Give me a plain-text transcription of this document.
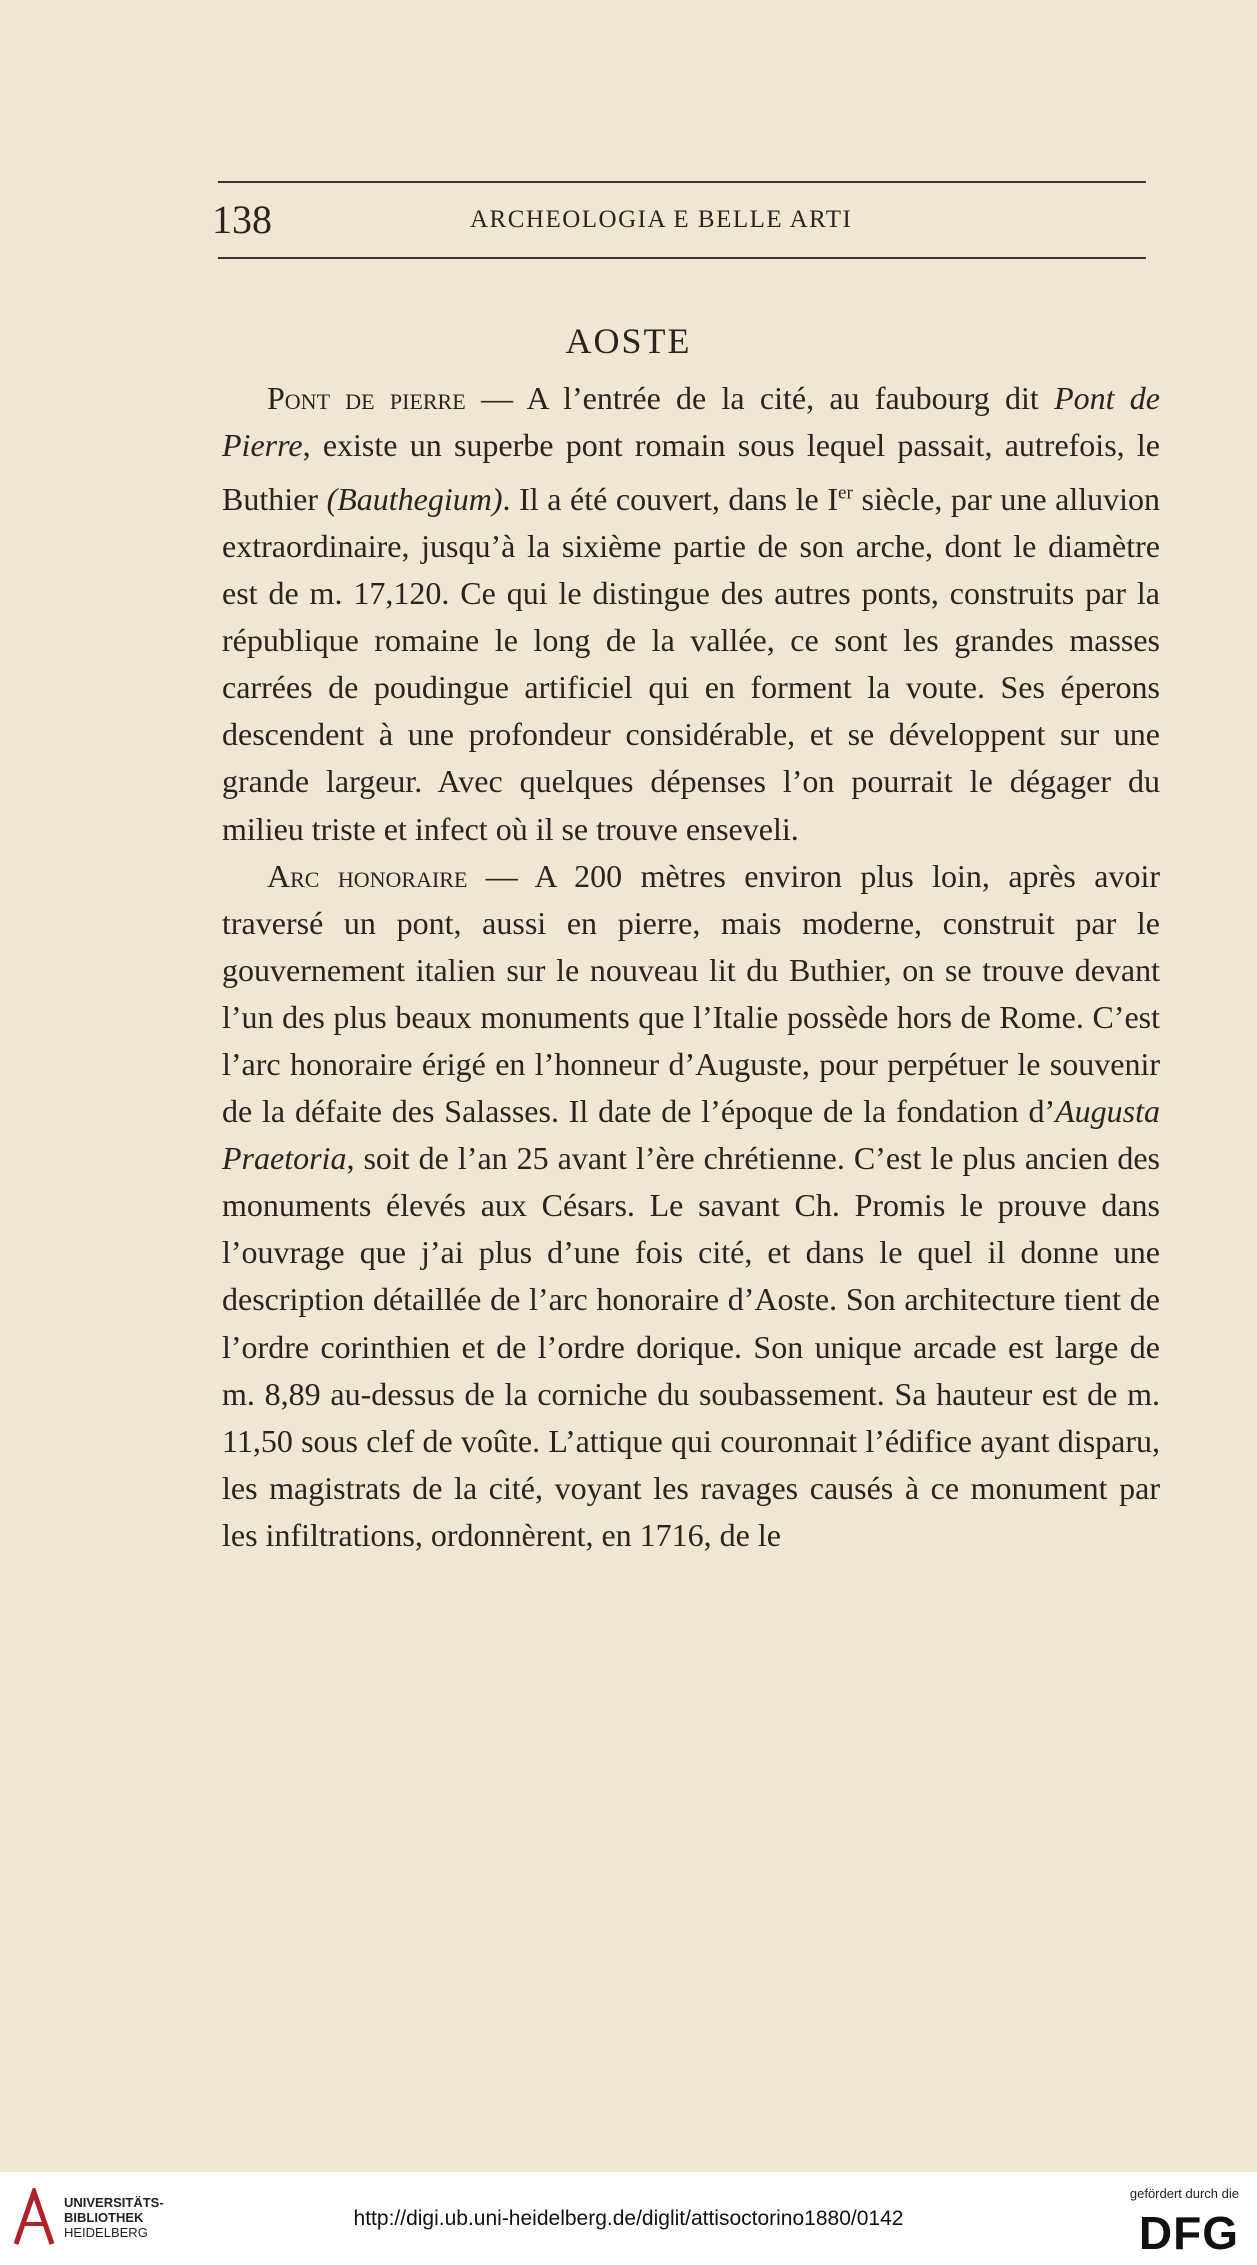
138	ARCHEOLOGIA E BELLE ARTI
AOSTE

Pont de pierre — A l’entrée de la cité, au faubourg dit Pont de Pierre, existe un superbe pont romain sous lequel passait, autrefois, le Buthier (Bauthegium). Il a été couvert, dans le Ier siècle, par une alluvion extraordinaire, jusqu’à la sixième partie de son arche, dont le diamètre est de m. 17,120. Ce qui le distingue des autres ponts, construits par la république romaine le long de la vallée, ce sont les grandes masses carrées de poudingue artificiel qui en forment la voute. Ses éperons descendent à une profondeur considérable, et se développent sur une grande largeur. Avec quelques dépenses l’on pourrait le dégager du milieu triste et infect où il se trouve enseveli.

Arc honoraire — A 200 mètres environ plus loin, après avoir traversé un pont, aussi en pierre, mais moderne, construit par le gouvernement italien sur le nouveau lit du Buthier, on se trouve devant l’un des plus beaux monuments que l’Italie possède hors de Rome. C’est l’arc honoraire érigé en l’honneur d’Auguste, pour perpétuer le souvenir de la défaite des Salasses. Il date de l’époque de la fondation d’Augusta Praetoria, soit de l’an 25 avant l’ère chrétienne. C’est le plus ancien des monuments élevés aux Césars. Le savant Ch. Promis le prouve dans l’ouvrage que j’ai plus d’une fois cité, et dans le quel il donne une description détaillée de l’arc honoraire d’Aoste. Son architecture tient de l’ordre corinthien et de l’ordre dorique. Son unique arcade est large de m. 8,89 au-dessus de la corniche du soubassement. Sa hauteur est de m. 11,50 sous clef de voûte. L’attique qui couronnait l’édifice ayant disparu, les magistrats de la cité, voyant les ravages causés à ce monument par les infiltrations, ordonnèrent, en 1716, de le

UNIVERSITÄTS-
BIBLIOTHEK
HEIDELBERG
http://digi.ub.uni-heidelberg.de/diglit/attisoctorino1880/0142
gefördert durch die
DFG
